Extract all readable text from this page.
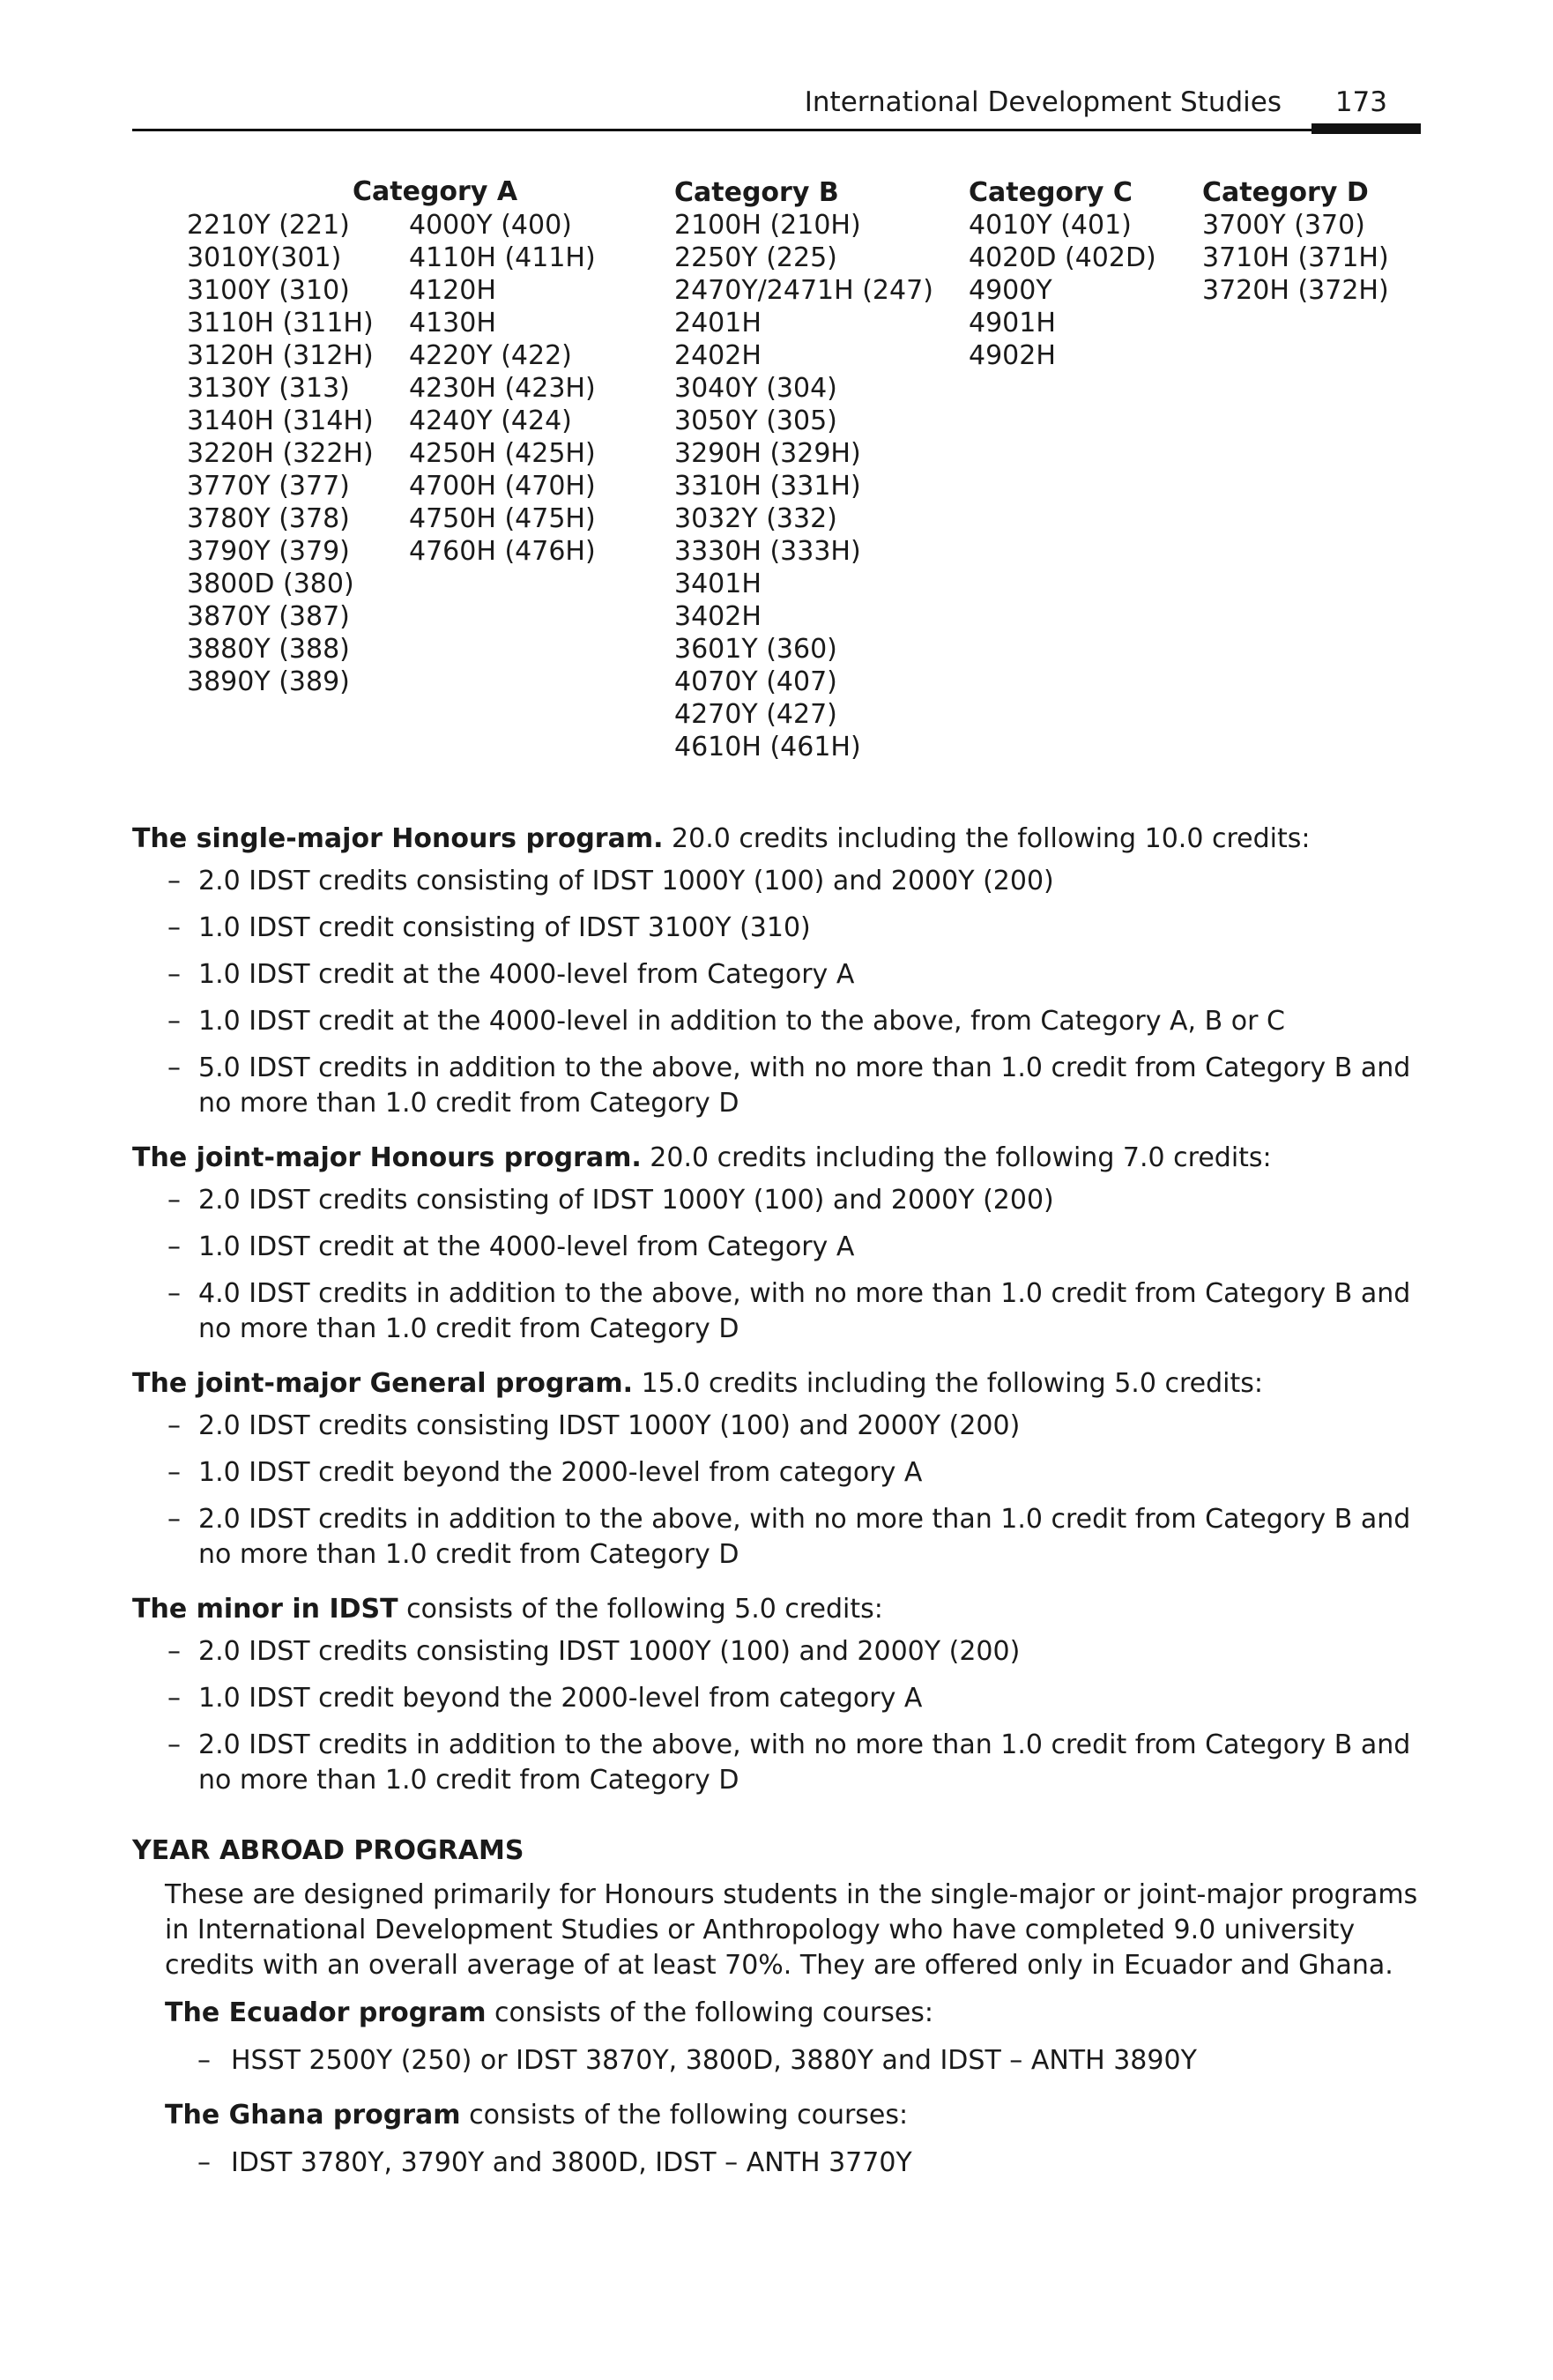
International Development Studies 173
Category A
2210Y (221)
3010Y(301)
3100Y (310)
3110H (311H)
3120H (312H)
3130Y (313)
3140H (314H)
3220H (322H)
3770Y (377)
3780Y (378)
3790Y (379)
3800D (380)
3870Y (387)
3880Y (388)
3890Y (389)
4000Y (400)
4110H (411H)
4120H
4130H
4220Y (422)
4230H (423H)
4240Y (424)
4250H (425H)
4700H (470H)
4750H (475H)
4760H (476H)
Category B
2100H (210H)
2250Y (225)
2470Y/2471H (247)
2401H
2402H
3040Y (304)
3050Y (305)
3290H (329H)
3310H (331H)
3032Y (332)
3330H (333H)
3401H
3402H
3601Y (360)
4070Y (407)
4270Y (427)
4610H (461H)
Category C
4010Y (401)
4020D (402D)
4900Y
4901H
4902H
Category D
3700Y (370)
3710H (371H)
3720H (372H)

The single-major Honours program. 20.0 credits including the following 10.0 credits:

– 2.0 IDST credits consisting of IDST 1000Y (100) and 2000Y (200)
– 1.0 IDST credit consisting of IDST 3100Y (310)
– 1.0 IDST credit at the 4000-level from Category A
– 1.0 IDST credit at the 4000-level in addition to the above, from Category A, B or C
– 5.0 IDST credits in addition to the above, with no more than 1.0 credit from Category B and no more than 1.0 credit from Category D

The joint-major Honours program. 20.0 credits including the following 7.0 credits:

– 2.0 IDST credits consisting of IDST 1000Y (100) and 2000Y (200)
– 1.0 IDST credit at the 4000-level from Category A
– 4.0 IDST credits in addition to the above, with no more than 1.0 credit from Category B and no more than 1.0 credit from Category D

The joint-major General program. 15.0 credits including the following 5.0 credits:

– 2.0 IDST credits consisting IDST 1000Y (100) and 2000Y (200)
– 1.0 IDST credit beyond the 2000-level from category A
– 2.0 IDST credits in addition to the above, with no more than 1.0 credit from Category B and no more than 1.0 credit from Category D

The minor in IDST consists of the following 5.0 credits:

– 2.0 IDST credits consisting IDST 1000Y (100) and 2000Y (200)
– 1.0 IDST credit beyond the 2000-level from category A
– 2.0 IDST credits in addition to the above, with no more than 1.0 credit from Category B and no more than 1.0 credit from Category D
YEAR ABROAD PROGRAMS

These are designed primarily for Honours students in the single-major or joint-major programs in International Development Studies or Anthropology who have completed 9.0 university credits with an overall average of at least 70%. They are offered only in Ecuador and Ghana.

The Ecuador program consists of the following courses:

– HSST 2500Y (250) or IDST 3870Y, 3800D, 3880Y and IDST – ANTH 3890Y

The Ghana program consists of the following courses:

– IDST 3780Y, 3790Y and 3800D, IDST – ANTH 3770Y
